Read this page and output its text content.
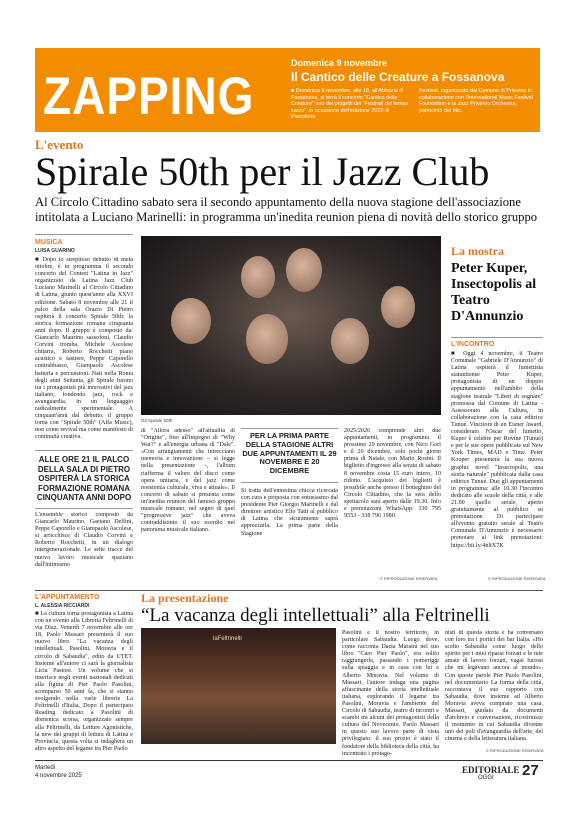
ZAPPING
Domenica 9 novembre
Il Cantico delle Creature a Fossanova
■ Domenica 9 novembre, alle 18, all'Abbazia di Fossanova, si terrà il concerto "Cantico delle Creature" uno dei progetti dei "Festival del tempo sacro", in occasione dell'edizione 2025 di Pianoforte
Festival, organizzato dal Comune di Priverno in collaborazione con l'International Music Festival Foundation e la Jazz Priverno Orchestra, patrocinio del Mic.
L'evento
Spirale 50th per il Jazz Club
Al Circolo Cittadino sabato sera il secondo appuntamento della nuova stagione dell'associazione intitolata a Luciano Marinelli: in programma un'inedita reunion piena di novità dello storico gruppo
MUSICA
LUISA GUARINO
■ Dopo lo strepitoso debutto di metà ottobre, è in programma il secondo concerto del Contest "Latina in Jazz" organizzato da Latina Jazz Club Luciano Marinelli al Circolo Cittadino di Latina, giunto quest'anno alla XXVI edizione. Sabato 8 novembre alle 21 il palco della sala Orazio Di Pietro ospiterà il concerto Spirale 50th: la storica formazione romana cinquanta anni dopo. Il gruppo è composto da: Giancarlo Maurino sassofoni, Claudio Corvini tromba, Michele Ascolese chitarra, Roberto Rocchetti piano acustico e tastiere, Peppe Caporello contrabbasso, Giampaolo Ascolese batteria e percussioni. Nati nella Roma degli anni Settanta, gli Spirale furono tra i protagonisti più innovativi del jazz italiano, fondendo jazz, rock e avanguardia, in un linguaggio radicalmente sperimentale. A cinquant'anni dal debutto, il gruppo torna con "Spirale 50th" (Alfa Music), non come revival ma come manifesto di continuità creativa.
ALLE ORE 21 IL PALCO DELLA SALA DI PIETRO OSPITERÀ LA STORICA FORMAZIONE ROMANA CINQUANTA ANNI DOPO
L'ensemble storico composto da Giancarlo Maurino, Gaetano Delfini, Peppe Caporello e Giampaolo Ascolese, si arricchisce di Claudio Corvini e Roberto Rocchetti, in un dialogo intergenerazionale. Le sette tracce del nuovo lavoro musicale spaziano dall'intimismo
Gli Spirale 50th
di "Allora adesso" all'attualità di "Origine", fino all'impegno di "Why War?" e all'energia urbana di "Dale". «Con arrangiamenti che intrecciano memoria e innovazione – si legge nella presentazione –, l'album riafferma il valore del disco come opera unitaria, e del jazz come resistenza culturale, viva e attuale». Il concerto di sabato si presenta come un'inedita reunion del famoso gruppo musicale romano, nel segno di quel "progressive jazz" che aveva contraddistinto il suo esordio nel panorama musicale italiano.
PER LA PRIMA PARTE DELLA STAGIONE ALTRI DUE APPUNTAMENTI IL 29 NOVEMBRE E 20 DICEMBRE
Si tratta dell'ennesima chicca ricercata con cura e proposta con entusiasmo dal presidente Pier Giorgio Marinelli e dal direttore artistico Elio Tatti al pubblico di Latina che sicuramente saprà apprezzarla. La prima parte della Stagione
2025/2026 comprende altri due appuntamenti, in programma il prossimo 29 novembre, con Nico Gori e il 20 dicembre, solo pochi giorni prima di Natale, con Mario Rosini. Il biglietto d'ingresso alla serata di sabato 8 novembre costa 15 euro intero, 10 ridotto. L'acquisto dei biglietti è possibile anche presso il botteghino del Circolo Cittadino, che la sera dello spettacolo sarà aperto dalle 19.30. Info e prenotazioni WhatsApp: 330 795 9553 - 338 796 1980.
© RIPRODUZIONE RISERVATA
La mostra
Peter Kuper, Insectopolis al Teatro D'Annunzio
L'INCONTRO
■ Oggi 4 novembre, il Teatro Comunale "Gabriele D'Annunzio" di Latina ospiterà il fumettista statunitense Peter Kuper, protagonista di un doppio appuntamento nell'ambito della stagione teatrale "Liberi di sognare" promossa dal Comune di Latina - Assessorato alla Cultura, in collaborazione con la casa editrice Tunué. Vincitore di un Eisner Award, considerato l'Oscar del fumetto, Kuper è celebre per Rovine (Tunué) e per le sue opere pubblicate sul New York Times, MAD e Time. Peter Kooper presenterà la sua nuova graphic novel "Insectopolis, una storia naturale" pubblicata dalla casa editrice Tunué. Due gli appuntamenti in programma: alle 10.30 l'incontro dedicato alle scuole della città, e alle 21.00 quello serale, aperto gratuitamente al pubblico su prenotazione. Di partecipare all'evento gratuito serale al Teatro Comunale D'Annunzio è necessario prenotare al link prenotazioni: https://bit.ly/4nltX7K
© RIPRODUZIONE RISERVATA
L'APPUNTAMENTO
L. ALESSIA RICCIARDI
■ La cultura torna protagonista a Latina con un evento alla Libreria Feltrinelli di via Diaz. Venerdì 7 novembre alle ore 18, Paolo Massari presenterà il suo nuovo libro "La vacanza degli intellettuali. Pasolini, Moravia e il circolo di Sabaudia", edito da UTET. Insieme all'autore ci sarà la giornalista Licia Pastore. Un volume che si inserisce negli eventi nazionali dedicati alla figura di Pier Paolo Pasolini, scomparso 50 anni fa, che si stanno svolgendo nella varie librerie La Feltrinelli d'Italia. Dopo il partecipato Reading dedicato a Pasolini di domenica scorsa, organizzato sempre alla Feltrinelli, da Letture Agonistiche, la new dei gruppi di lettura di Latina e Provincia, questa volta si indagherà un altro aspetto del legame tra Pier Paolo
La presentazione
“La vacanza degli intellettuali” alla Feltrinelli
laFeltrinelli
La Feltrinelli di Latina
Pasolini e il nostro territorio, in particolare Sabaudia. Luogo dove, come racconta Dacia Maraini nel suo libro "Caro Pier Paolo", era solito raggiungerla, passando i pomeriggi sulla spiaggia e in casa con lei e Alberto Moravia. Nel volume di Massari, l'autore indaga una pagina affascinante della storia intellettuale italiana, esplorando il legame tra Pasolini, Moravia e l'ambiente del Circolo di Sabaudia, teatro di incontri e scambi tra alcuni dei protagonisti della cultura del Novecento. Paolo Massari in questo suo lavoro parte di vista privilegiato: il suo prozio è stato il fondatore della biblioteca della città, ha incontrato i protago-
nisti di questa storia e ha conversato con loro tra i portici dei bar Italia. «Ho scelto Sabaudia come luogo dello spirito per i miei ripassi forzati e le mie amate di lavoro forzati, vagai furiosi che mi legavano ancora al mondo». Con queste parole Pier Paolo Pasolini, nel documentario La forma della città, raccontava il suo rapporto con Sabaudia, dove insieme ad Alberto Moravia aveva comprato una casa. Massari, guidato da documenti d'archivio e conversazioni, ricostruisce il momento in cui Sabaudia divenne uno dei poli d'avanguardia dell'arte, del cinema e della letteratura italiana.
© RIPRODUZIONE RISERVATA
Martedì
4 novembre 2025
EDITORIALE
OGGI 27
